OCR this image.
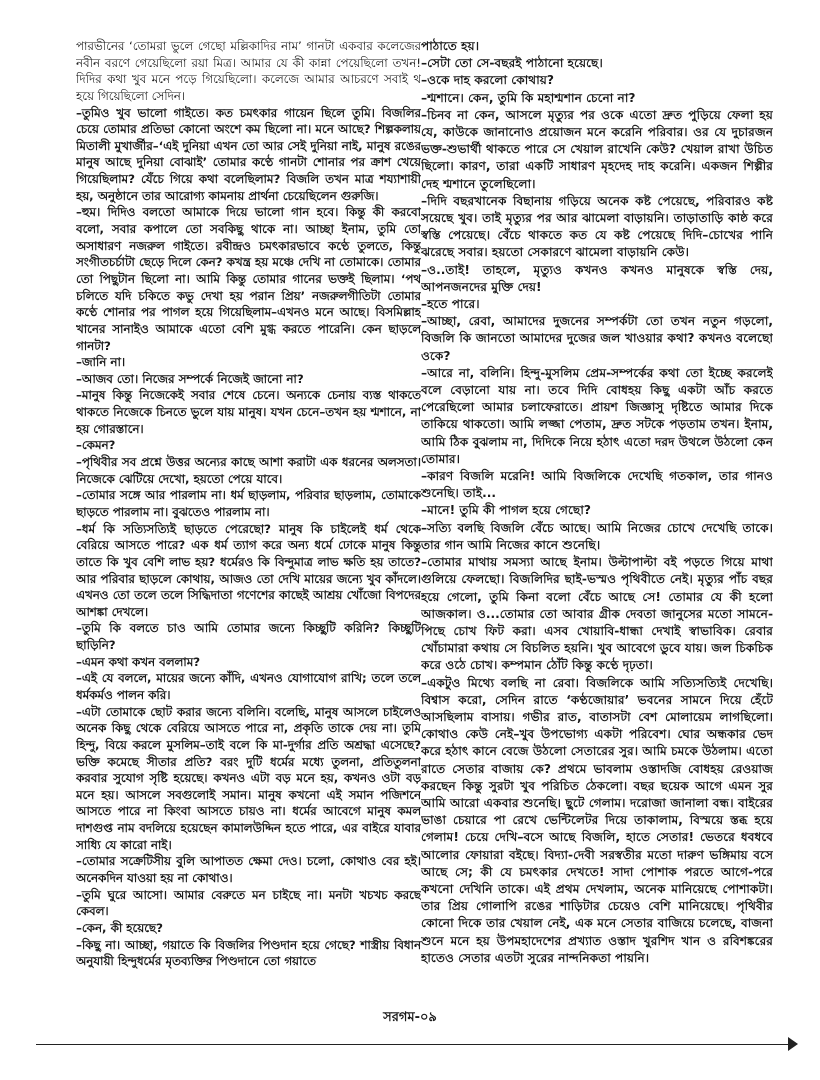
পারভীনের ‘তোমরা ভুলে গেছো মল্লিকাদির নাম’ গানটা একবার কলেজের নবীন বরণে গেয়েছিলো রয়া মিত্র। আমার যে কী কান্না পেয়েছিলো তখন! দিদির কথা খুব মনে পড়ে গিয়েছিলো। কলেজে আমার আচরণে সবাই থ হয়ে গিয়েছিলো সেদিন।

–তুমিও খুব ভালো গাইতে। কত চমৎকার গায়েন ছিলে তুমি। বিজলির চেয়ে তোমার প্রতিভা কোনো অংশে কম ছিলো না। মনে আছে? শিল্পকলায় মিতালী মুখার্জীর–‘এই দুনিয়া এখন তো আর সেই দুনিয়া নাই, মানুষ রঙের মানুষ আছে দুনিয়া বোঝাই’ তোমার কণ্ঠে গানটা শোনার পর ক্রাশ খেয়ে গিয়েছিলাম? যেঁচে গিয়ে কথা বলেছিলাম? বিজলি তখন মাত্র শয্যাশায়ী হয়, অনুষ্ঠানে তার আরোগ্য কামনায় প্রার্থনা চেয়েছিলেন গুরুজি।

–হুম। দিদিও বলতো আমাকে দিয়ে ভালো গান হবে। কিন্তু কী করবো বলো, সবার কপালে তো সবকিছু থাকে না। আচ্ছা ইনাম, তুমি তো অসাধারণ নজরুল গাইতে। রবীন্দ্রও চমৎকারভাবে কণ্ঠে তুলতে, কিন্তু সংগীতচর্চাটা ছেড়ে দিলে কেন? কখন্ত্র হয় মঞ্চে দেখি না তোমাকে। তোমার তো পিছুটান ছিলো না। আমি কিন্তু তোমার গানের ভক্তই ছিলাম। ‘পথ চলিতে যদি চকিতে কভু দেখা হয় পরান প্রিয়’ নজরুলগীতিটা তোমার কণ্ঠে শোনার পর পাগল হয়ে গিয়েছিলাম–এখনও মনে আছে। বিসমিল্লাহ খানের সানাইও আমাকে এতো বেশি মুগ্ধ করতে পারেনি। কেন ছাড়লে গানটা?

–জানি না।

–আজব তো। নিজের সম্পর্কে নিজেই জানো না?

–মানুষ কিন্তু নিজেকেই সবার শেষে চেনে। অন্যকে চেনায় ব্যস্ত থাকতে থাকতে নিজেকে চিনতে ভুলে যায় মানুষ। যখন চেনে–তখন হয় শ্মশানে, না হয় গোরস্তানে।

–কেমন?

–পৃথিবীর সব প্রশ্নে উত্তর অন্যের কাছে আশা করাটা এক ধরনের অলসতা। নিজেকে ঝেটিয়ে দেখো, হয়তো পেয়ে যাবে।

–তোমার সঙ্গে আর পারলাম না। ধর্ম ছাড়লাম, পরিবার ছাড়লাম, তোমাকে ছাড়তে পারলাম না। বুঝতেও পারলাম না।

–ধর্ম কি সত্যিসত্যিই ছাড়তে পেরেছো? মানুষ কি চাইলেই ধর্ম থেকে বেরিয়ে আসতে পারে? এক ধর্ম ত্যাগ করে অন্য ধর্মে ঢোকে মানুষ কিন্তু তাতে কি খুব বেশি লাভ হয়? ধর্মেরও কি বিন্দুমাত্র লাভ ক্ষতি হয় তাতে? আর পরিবার ছাড়লে কোথায়, আজও তো দেখি মায়ের জন্যে খুব কাঁদলে। এখনও তো তলে তলে সিদ্ধিদাতা গণেশের কাছেই আশ্রয় খোঁজো বিপদের আশঙ্কা দেখলে।

–তুমি কি বলতে চাও আমি তোমার জন্যে কিচ্ছুটি করিনি? কিচ্ছুটি ছাড়িনি?

–এমন কথা কখন বললাম?

–এই যে বললে, মায়ের জন্যে কাঁদি, এখনও যোগাযোগ রাখি; তলে তলে ধর্মকর্মও পালন করি।

–এটা তোমাকে ছোট করার জন্যে বলিনি। বলেছি, মানুষ আসলে চাইলেও অনেক কিছু থেকে বেরিয়ে আসতে পারে না, প্রকৃতি তাকে দেয় না। তুমি হিন্দু, বিয়ে করলে মুসলিম–তাই বলে কি মা-দুর্গার প্রতি অশ্রদ্ধা এসেছে? ভক্তি কমেছে সীতার প্রতি? বরং দুটি ধর্মের মধ্যে তুলনা, প্রতিতুলনা করবার সুযোগ সৃষ্টি হয়েছে। কখনও এটা বড় মনে হয়, কখনও ওটা বড় মনে হয়। আসলে সবগুলোই সমান। মানুষ কখনো এই সমান পজিশনে আসতে পারে না কিংবা আসতে চায়ও না। ধর্মের আবেগে মানুষ কমল দাশগুপ্ত নাম বদলিয়ে হয়েছেন কামালউদ্দিন হতে পারে, এর বাইরে যাবার সাধ্যি যে কারো নাই।

–তোমার সক্রেটিসীয় বুলি আপাতত ক্ষেমা দেও। চলো, কোথাও বের হই। অনেকদিন যাওয়া হয় না কোথাও।

–তুমি ঘুরে আসো। আমার বেরুতে মন চাইছে না। মনটা খচখচ করছে কেবল।

–কেন, কী হয়েছে?

–কিছু না। আচ্ছা, গয়াতে কি বিজলির পিণ্ডদান হয়ে গেছে? শাস্ত্রীয় বিধান অনুযায়ী হিন্দুধর্মের মৃতব্যক্তির পিণ্ডদানে তো গয়াতে

পাঠাতে হয়।

–সেটা তো সে-বছরই পাঠানো হয়েছে।

–ওকে দাহ করলো কোথায়?

–শ্মশানে। কেন, তুমি কি মহাশ্মশান চেনো না?

–চিনব না কেন, আসলে মৃত্যুর পর ওকে এতো দ্রুত পুড়িয়ে ফেলা হয় যে, কাউকে জানানোও প্রয়োজন মনে করেনি পরিবার। ওর যে দুচারজন ভক্ত-শুভার্থী থাকতে পারে সে খেয়াল রাখেনি কেউ? খেয়াল রাখা উচিত ছিলো। কারণ, তারা একটি সাধারণ মৃহদেহ দাহ করেনি। একজন শিল্পীর দেহ শ্মশানে তুলেছিলো।

–দিদি বছরখানেক বিছানায় গড়িয়ে অনেক কষ্ট পেয়েছে, পরিবারও কষ্ট সয়েছে খুব। তাই মৃত্যুর পর আর ঝামেলা বাড়ায়নি। তাড়াতাড়ি কাষ্ঠ করে স্বস্তি পেয়েছে। বেঁচে থাকতে কত যে কষ্ট পেয়েছে দিদি–চোখের পানি ঝরেছে সবার। হয়তো সেকারণে ঝামেলা বাড়ায়নি কেউ।

–ও..তাই! তাহলে, মৃত্যুও কখনও কখনও মানুষকে স্বস্তি দেয়, আপনজনদের মুক্তি দেয়!

–হতে পারে।

–আচ্ছা, রেবা, আমাদের দুজনের সম্পর্কটা তো তখন নতুন গড়লো, বিজলি কি জানতো আমাদের দুজের জল খাওয়ার কথা? কখনও বলেছো ওকে?

–আরে না, বলিনি। হিন্দু-মুসলিম প্রেম-সম্পর্কের কথা তো ইচ্ছে করলেই বলে বেড়ানো যায় না। তবে দিদি বোধহয় কিছু একটা আঁচ করতে পেরেছিলো আমার চলাফেরাতে। প্রায়শ জিজ্ঞাসু দৃষ্টিতে আমার দিকে তাকিয়ে থাকতো। আমি লজ্জা পেতাম, দ্রুত সটকে পড়তাম তখন। ইনাম, আমি ঠিক বুঝলাম না, দিদিকে নিয়ে হঠাৎ এতো দরদ উথলে উঠলো কেন তোমার।

–কারণ বিজলি মরেনি! আমি বিজলিকে দেখেছি গতকাল, তার গানও শুনেছি। তাই...

–মানে! তুমি কী পাগল হয়ে গেছো?

–সত্যি বলছি বিজলি বেঁচে আছে। আমি নিজের চোখে দেখেছি তাকে। তার গান আমি নিজের কানে শুনেছি।

–তোমার মাথায় সমস্যা আছে ইনাম। উল্টাপাল্টা বই পড়তে গিয়ে মাথা গুলিয়ে ফেলছো। বিজলিদির ছাই-ভস্মও পৃথিবীতে নেই। মৃত্যুর পাঁচ বছর হয়ে গেলো, তুমি কিনা বলো বেঁচে আছে সে! তোমার যে কী হলো আজকাল। ও...তোমার তো আবার গ্রীক দেবতা জানুসের মতো সামনে-পিছে চোখ ফিট করা। এসব খোয়াবি-ধান্ধা দেখাই স্বাভাবিক। রেবার খোঁচামারা কথায় সে বিচলিত হয়নি। খুব আবেগে ডুবে যায়। জল চিকচিক করে ওঠে চোখ। কম্পমান ঠোঁট কিন্তু কণ্ঠে দৃঢ়তা।

–একটুও মিথ্যে বলছি না রেবা। বিজলিকে আমি সত্যিসত্যিই দেখেছি। বিশ্বাস করো, সেদিন রাতে ‘কণ্ঠজোয়ার’ ভবনের সামনে দিয়ে হেঁটে আসছিলাম বাসায়। গভীর রাত, বাতাসটা বেশ মোলায়েম লাগছিলো। কোথাও কেউ নেই–খুব উপভোগ্য একটা পরিবেশ। ঘোর অন্ধকার ভেদ করে হঠাৎ কানে বেজে উঠলো সেতারের সুর। আমি চমকে উঠলাম। এতো রাতে সেতার বাজায় কে? প্রথমে ভাবলাম ওস্তাদজি বোধহয় রেওয়াজ করছেন কিন্তু সুরটা খুব পরিচিত ঠেকলো। বছর ছয়েক আগে এমন সুর আমি আরো একবার শুনেছি। ছুটে গেলাম। দরোজা জানালা বন্ধ। বাইরের ভাঙা চেয়ারে পা রেখে ভেন্টিলেটর দিয়ে তাকালাম, বিস্ময়ে স্তব্ধ হয়ে গেলাম! চেয়ে দেখি–বসে আছে বিজলি, হাতে সেতার! ভেতরে ধবধবে আলোর ফোয়ারা বইছে। বিদ্যা-দেবী সরস্বতীর মতো দারুণ ভঙ্গিমায় বসে আছে সে; কী যে চমৎকার দেখতে! সাদা পোশাক পরতে আগে-পরে কখনো দেখিনি তাকে। এই প্রথম দেখলাম, অনেক মানিয়েছে পোশাকটা। তার প্রিয় গোলাপি রঙের শাড়িটার চেয়েও বেশি মানিয়েছে। পৃথিবীর কোনো দিকে তার খেয়াল নেই, এক মনে সেতার বাজিয়ে চলেছে, বাজনা শুনে মনে হয় উপমহাদেশের প্রখ্যাত ওস্তাদ খুরশিদ খান ও রবিশঙ্করের হাতেও সেতার এতটা সুরের নান্দনিকতা পায়নি।

সরগম-০৯
